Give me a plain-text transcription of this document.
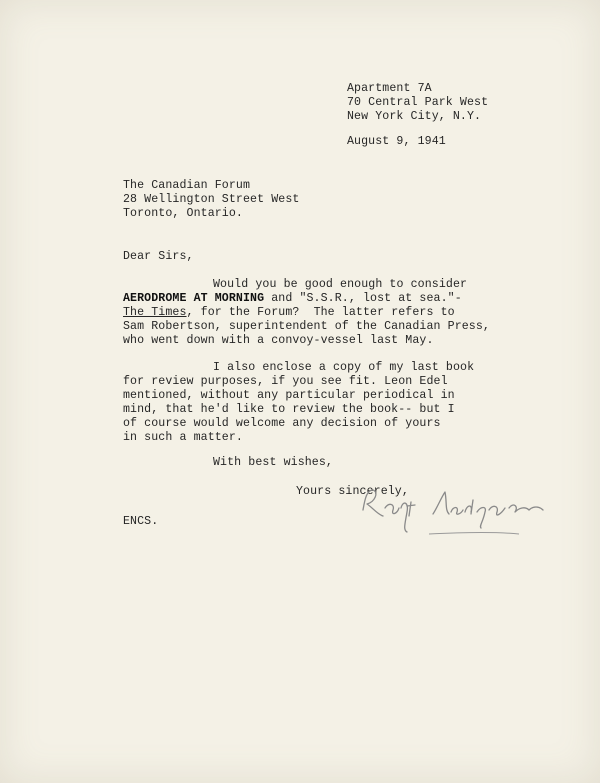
Apartment 7A
70 Central Park West
New York City, N.Y.
August 9, 1941
The Canadian Forum
28 Wellington Street West
Toronto, Ontario.
Dear Sirs,
Would you be good enough to consider
AERODROME AT MORNING and "S.S.R., lost at sea."-
The Times, for the Forum?  The latter refers to
Sam Robertson, superintendent of the Canadian Press,
who went down with a convoy-vessel last May.
I also enclose a copy of my last book
for review purposes, if you see fit. Leon Edel
mentioned, without any particular periodical in
mind, that he'd like to review the book-- but I
of course would welcome any decision of yours
in such a matter.
With best wishes,
Yours sincerely,
ENCS.
